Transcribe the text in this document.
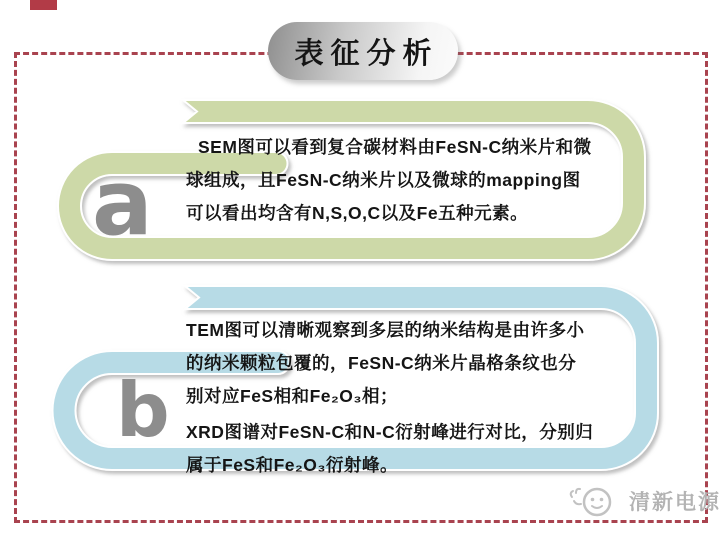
表征分析
a
SEM图可以看到复合碳材料由FeSN-C纳米片和微
球组成，且FeSN-C纳米片以及微球的mapping图
可以看出均含有N,S,O,C以及Fe五种元素。
b
TEM图可以清晰观察到多层的纳米结构是由许多小
的纳米颗粒包覆的，FeSN-C纳米片晶格条纹也分
别对应FeS相和Fe₂O₃相；
XRD图谱对FeSN-C和N-C衍射峰进行对比，分别归
属于FeS和Fe₂O₃衍射峰。
清新电源
